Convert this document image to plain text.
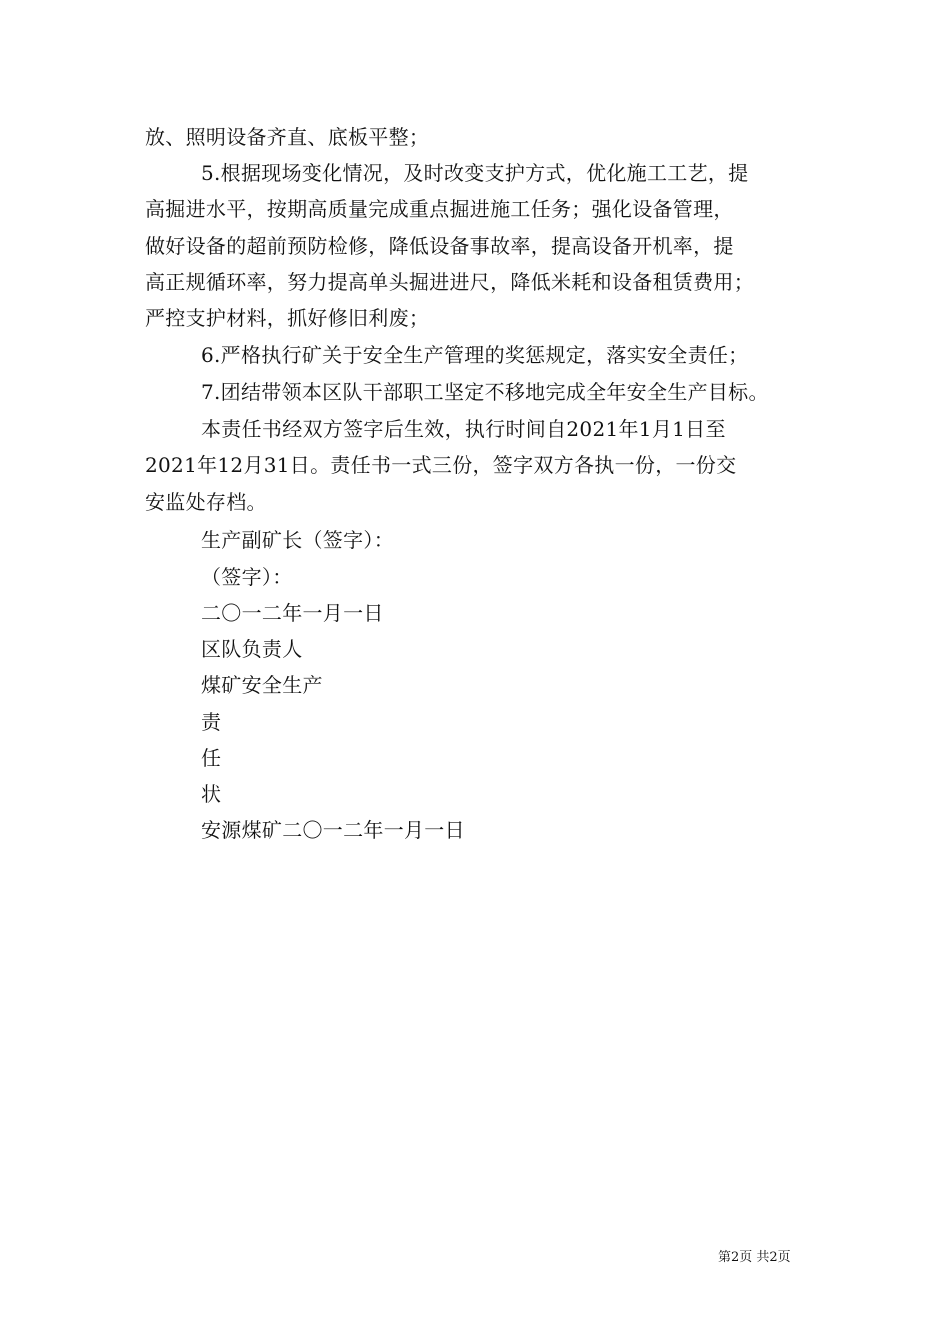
放、照明设备齐直、底板平整；
5.根据现场变化情况，及时改变支护方式，优化施工工艺，提
高掘进水平，按期高质量完成重点掘进施工任务；强化设备管理，
做好设备的超前预防检修，降低设备事故率，提高设备开机率，提
高正规循环率，努力提高单头掘进进尺，降低米耗和设备租赁费用；
严控支护材料，抓好修旧利废；
6.严格执行矿关于安全生产管理的奖惩规定，落实安全责任；
7.团结带领本区队干部职工坚定不移地完成全年安全生产目标。
本责任书经双方签字后生效，执行时间自2021年1月1日至
2021年12月31日。责任书一式三份，签字双方各执一份，一份交
安监处存档。
生产副矿长（签字）：
（签字）：
二〇一二年一月一日
区队负责人
煤矿安全生产
责
任
状
安源煤矿二〇一二年一月一日
第2页 共2页
